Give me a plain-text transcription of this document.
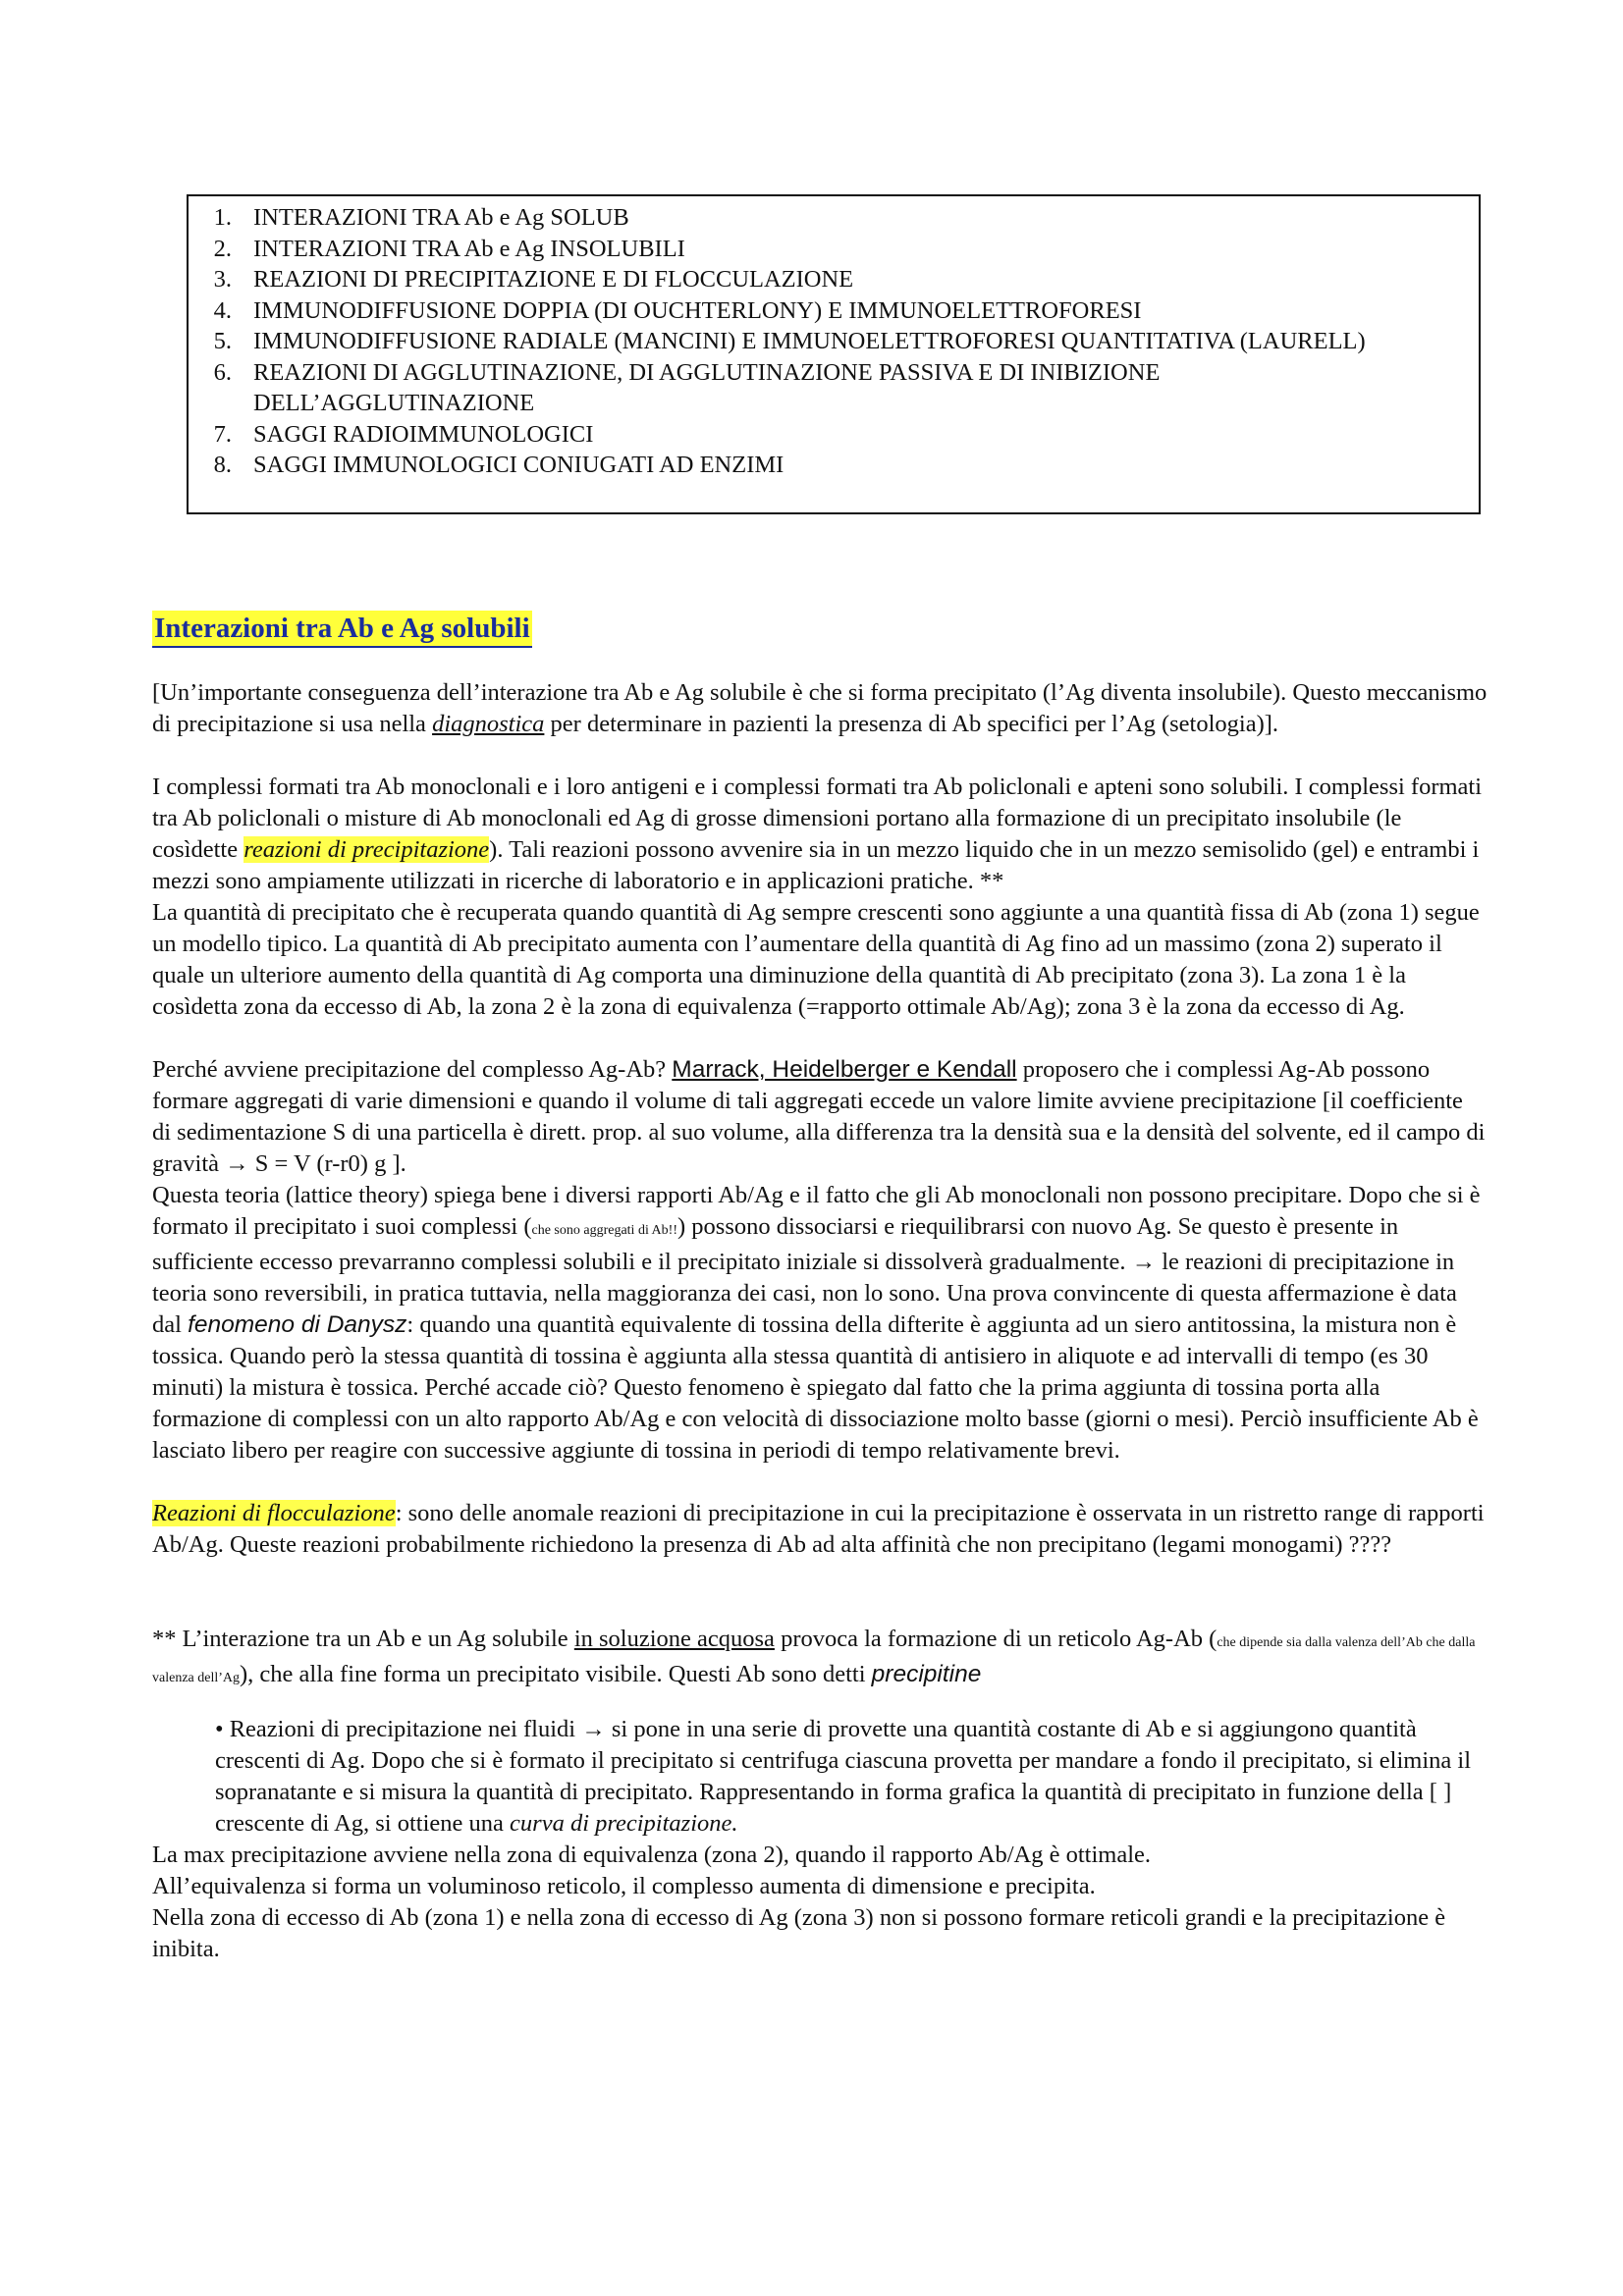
1. INTERAZIONI TRA Ab e Ag SOLUB
2. INTERAZIONI TRA Ab e Ag INSOLUBILI
3. REAZIONI DI PRECIPITAZIONE E DI FLOCCULAZIONE
4. IMMUNODIFFUSIONE DOPPIA (DI OUCHTERLONY) E IMMUNOELETTROFORESI
5. IMMUNODIFFUSIONE RADIALE (MANCINI) E IMMUNOELETTROFORESI QUANTITATIVA (LAURELL)
6. REAZIONI DI AGGLUTINAZIONE, DI AGGLUTINAZIONE PASSIVA E DI INIBIZIONE DELL’AGGLUTINAZIONE
7. SAGGI RADIOIMMUNOLOGICI
8. SAGGI IMMUNOLOGICI CONIUGATI AD ENZIMI
Interazioni tra Ab e Ag solubili

[Un’importante conseguenza dell’interazione tra Ab e Ag solubile è che si forma precipitato (l’Ag diventa insolubile). Questo meccanismo di precipitazione si usa nella diagnostica per determinare in pazienti la presenza di Ab specifici per l’Ag (setologia)].

I complessi formati tra Ab monoclonali e i loro antigeni e i complessi formati tra Ab policlonali e apteni sono solubili. I complessi formati tra Ab policlonali o misture di Ab monoclonali ed Ag di grosse dimensioni portano alla formazione di un precipitato insolubile (le cosìdette reazioni di precipitazione). Tali reazioni possono avvenire sia in un mezzo liquido che in un mezzo semisolido (gel) e entrambi i mezzi sono ampiamente utilizzati in ricerche di laboratorio e in applicazioni pratiche. **

La quantità di precipitato che è recuperata quando quantità di Ag sempre crescenti sono aggiunte a una quantità fissa di Ab (zona 1) segue un modello tipico. La quantità di Ab precipitato aumenta con l’aumentare della quantità di Ag fino ad un massimo (zona 2) superato il quale un ulteriore aumento della quantità di Ag comporta una diminuzione della quantità di Ab precipitato (zona 3). La zona 1 è la cosìdetta zona da eccesso di Ab, la zona 2 è la zona di equivalenza (=rapporto ottimale Ab/Ag); zona 3 è la zona da eccesso di Ag.

Perché avviene precipitazione del complesso Ag-Ab? Marrack, Heidelberger e Kendall proposero che i complessi Ag-Ab possono formare aggregati di varie dimensioni e quando il volume di tali aggregati eccede un valore limite avviene precipitazione [il coefficiente di sedimentazione S di una particella è dirett. prop. al suo volume, alla differenza tra la densità sua e la densità del solvente, ed il campo di gravità → S = V (r-r0) g ].

Questa teoria (lattice theory) spiega bene i diversi rapporti Ab/Ag e il fatto che gli Ab monoclonali non possono precipitare. Dopo che si è formato il precipitato i suoi complessi (che sono aggregati di Ab!!) possono dissociarsi e riequilibrarsi con nuovo Ag. Se questo è presente in sufficiente eccesso prevarranno complessi solubili e il precipitato iniziale si dissolverà gradualmente. → le reazioni di precipitazione in teoria sono reversibili, in pratica tuttavia, nella maggioranza dei casi, non lo sono. Una prova convincente di questa affermazione è data dal fenomeno di Danysz: quando una quantità equivalente di tossina della difterite è aggiunta ad un siero antitossina, la mistura non è tossica. Quando però la stessa quantità di tossina è aggiunta alla stessa quantità di antisiero in aliquote e ad intervalli di tempo (es 30 minuti) la mistura è tossica. Perché accade ciò? Questo fenomeno è spiegato dal fatto che la prima aggiunta di tossina porta alla formazione di complessi con un alto rapporto Ab/Ag e con velocità di dissociazione molto basse (giorni o mesi). Perciò insufficiente Ab è lasciato libero per reagire con successive aggiunte di tossina in periodi di tempo relativamente brevi.

Reazioni di flocculazione: sono delle anomale reazioni di precipitazione in cui la precipitazione è osservata in un ristretto range di rapporti Ab/Ag. Queste reazioni probabilmente richiedono la presenza di Ab ad alta affinità che non precipitano (legami monogami) ????

** L’interazione tra un Ab e un Ag solubile in soluzione acquosa provoca la formazione di un reticolo Ag-Ab (che dipende sia dalla valenza dell’Ab che dalla valenza dell’Ag), che alla fine forma un precipitato visibile. Questi Ab sono detti precipitine

• Reazioni di precipitazione nei fluidi → si pone in una serie di provette una quantità costante di Ab e si aggiungono quantità crescenti di Ag. Dopo che si è formato il precipitato si centrifuga ciascuna provetta per mandare a fondo il precipitato, si elimina il sopranatante e si misura la quantità di precipitato. Rappresentando in forma grafica la quantità di precipitato in funzione della [ ] crescente di Ag, si ottiene una curva di precipitazione.

La max precipitazione avviene nella zona di equivalenza (zona 2), quando il rapporto Ab/Ag è ottimale.

All’equivalenza si forma un voluminoso reticolo, il complesso aumenta di dimensione e precipita.

Nella zona di eccesso di Ab (zona 1) e nella zona di eccesso di Ag (zona 3) non si possono formare reticoli grandi e la precipitazione è inibita.
